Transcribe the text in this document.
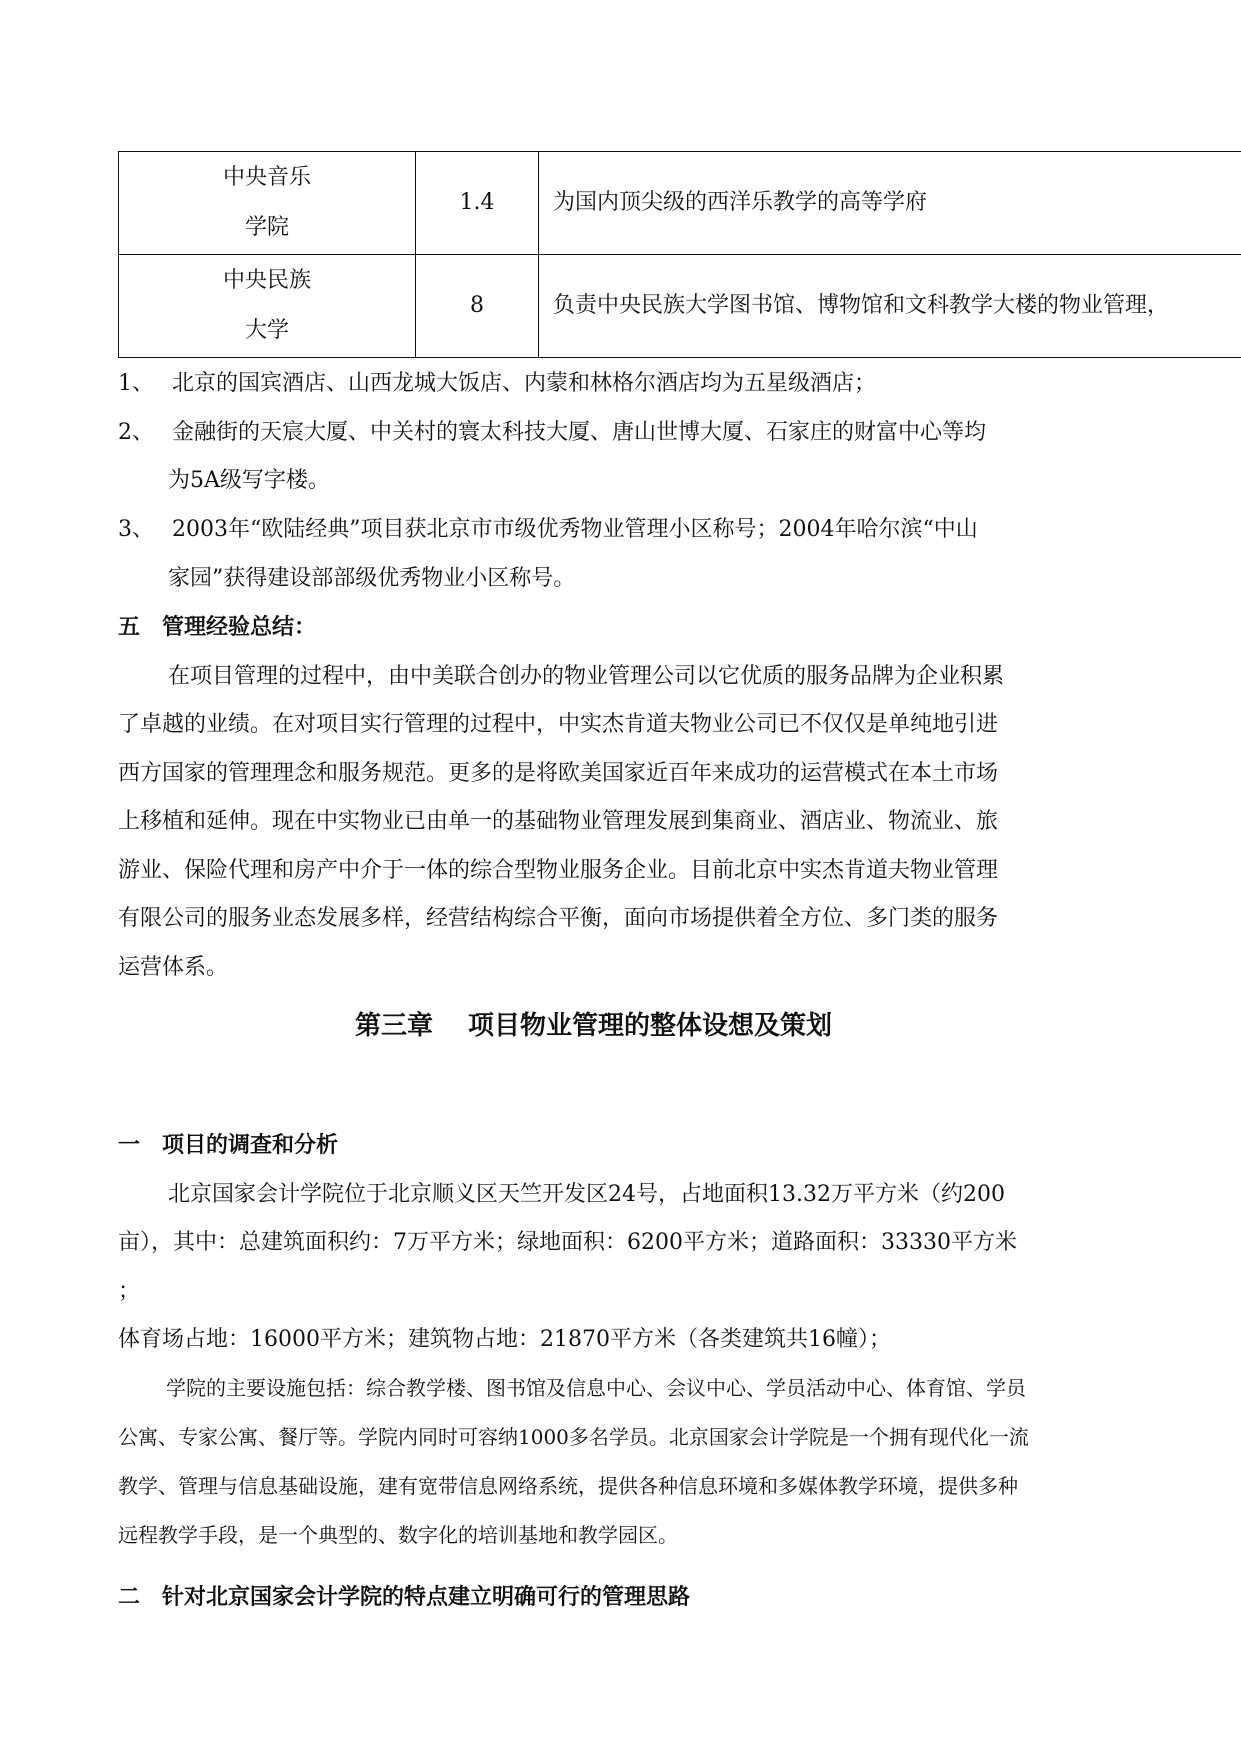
中央音乐
学院	1.4	为国内顶尖级的西洋乐教学的高等学府
中央民族
大学	8	负责中央民族大学图书馆、博物馆和文科教学大楼的物业管理，
1、 北京的国宾酒店、山西龙城大饭店、内蒙和林格尔酒店均为五星级酒店；
2、 金融街的天宸大厦、中关村的寰太科技大厦、唐山世博大厦、石家庄的财富中心等均
为5A级写字楼。
3、 2003年“欧陆经典”项目获北京市市级优秀物业管理小区称号；2004年哈尔滨“中山
家园”获得建设部部级优秀物业小区称号。
五　管理经验总结：
在项目管理的过程中，由中美联合创办的物业管理公司以它优质的服务品牌为企业积累
了卓越的业绩。在对项目实行管理的过程中，中实杰肯道夫物业公司已不仅仅是单纯地引进
西方国家的管理理念和服务规范。更多的是将欧美国家近百年来成功的运营模式在本土市场
上移植和延伸。现在中实物业已由单一的基础物业管理发展到集商业、酒店业、物流业、旅
游业、保险代理和房产中介于一体的综合型物业服务企业。目前北京中实杰肯道夫物业管理
有限公司的服务业态发展多样，经营结构综合平衡，面向市场提供着全方位、多门类的服务
运营体系。
第三章　 项目物业管理的整体设想及策划
一　项目的调查和分析
北京国家会计学院位于北京顺义区天竺开发区24号，占地面积13.32万平方米（约200
亩），其中：总建筑面积约：7万平方米；绿地面积：6200平方米；道路面积：33330平方米
；
体育场占地：16000平方米；建筑物占地：21870平方米（各类建筑共16幢）；
学院的主要设施包括：综合教学楼、图书馆及信息中心、会议中心、学员活动中心、体育馆、学员
公寓、专家公寓、餐厅等。学院内同时可容纳1000多名学员。北京国家会计学院是一个拥有现代化一流
教学、管理与信息基础设施，建有宽带信息网络系统，提供各种信息环境和多媒体教学环境，提供多种
远程教学手段，是一个典型的、数字化的培训基地和教学园区。
二　针对北京国家会计学院的特点建立明确可行的管理思路
